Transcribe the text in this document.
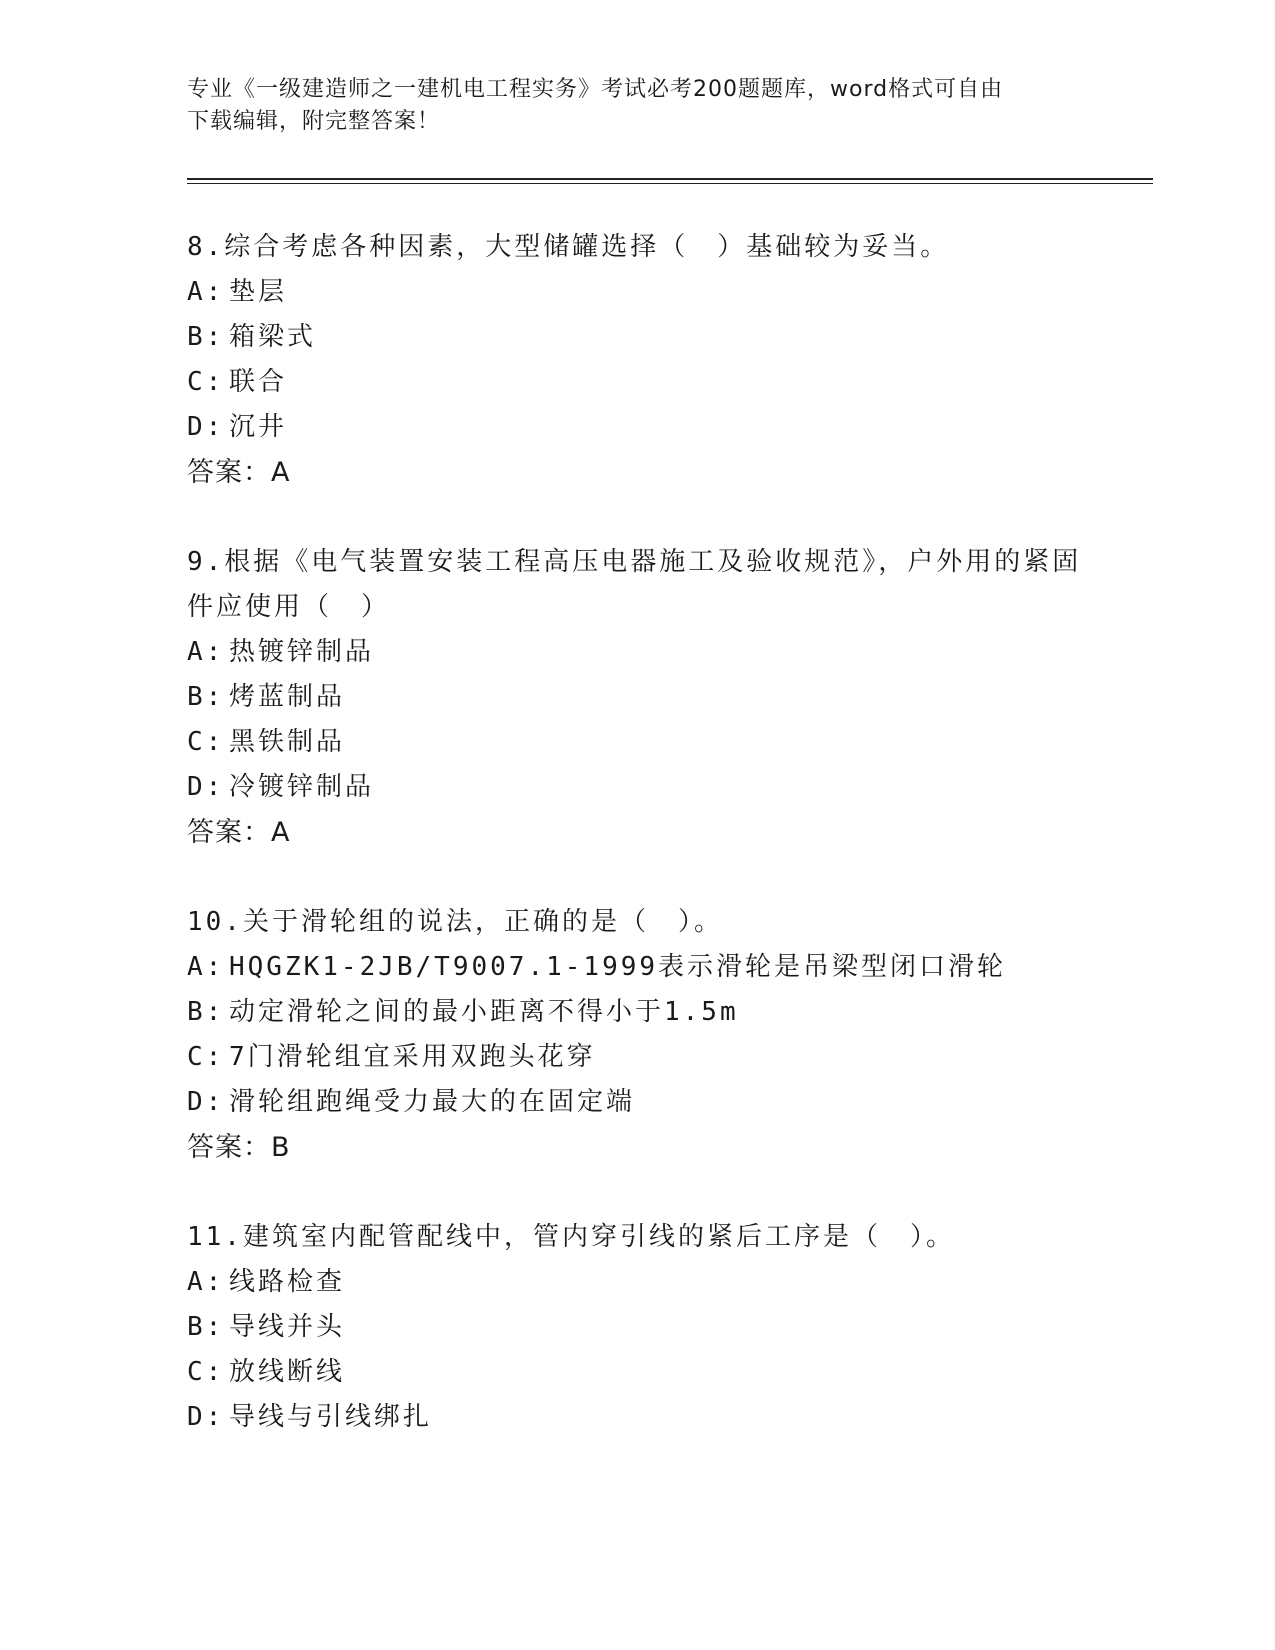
专业《一级建造师之一建机电工程实务》考试必考200题题库，word格式可自由
下载编辑，附完整答案！

8.综合考虑各种因素，大型储罐选择（　）基础较为妥当。

A: 垫层

B: 箱梁式

C: 联合

D: 沉井

答案：A

9.根据《电气装置安装工程高压电器施工及验收规范》，户外用的紧固件应使用（　）

A: 热镀锌制品

B: 烤蓝制品

C: 黑铁制品

D: 冷镀锌制品

答案：A

10.关于滑轮组的说法，正确的是（　）。

A: HQGZK1-2JB/T9007.1-1999表示滑轮是吊梁型闭口滑轮

B: 动定滑轮之间的最小距离不得小于1.5m

C: 7门滑轮组宜采用双跑头花穿

D: 滑轮组跑绳受力最大的在固定端

答案：B

11.建筑室内配管配线中，管内穿引线的紧后工序是（　）。

A: 线路检查

B: 导线并头

C: 放线断线

D: 导线与引线绑扎
